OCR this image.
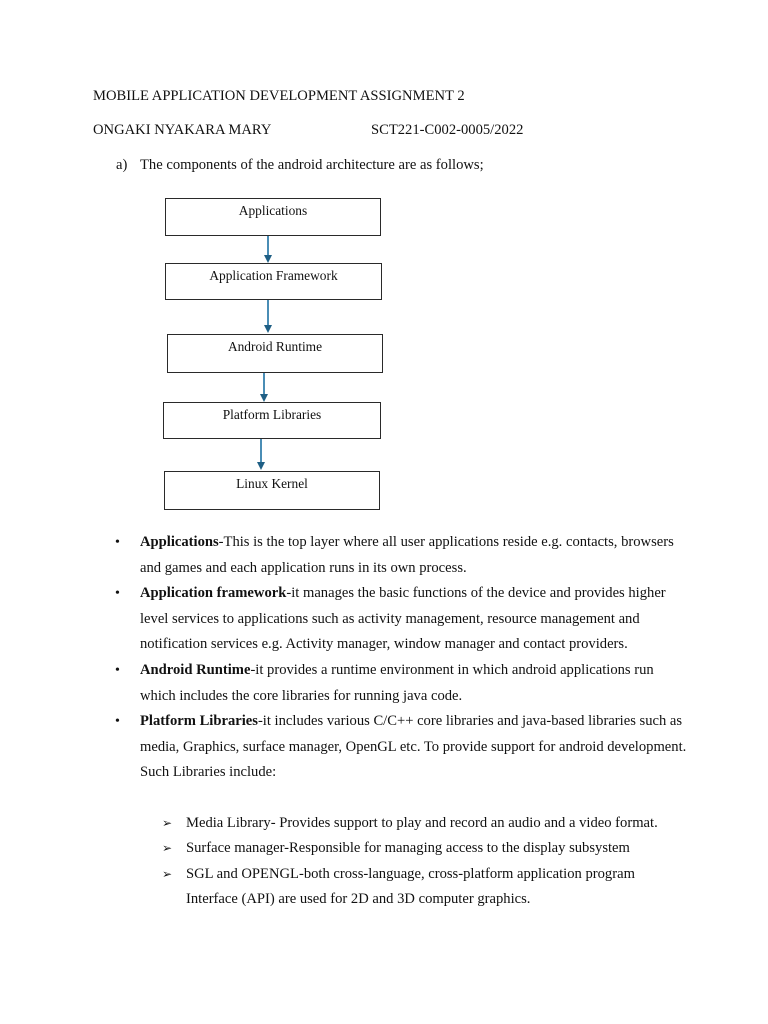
MOBILE APPLICATION DEVELOPMENT ASSIGNMENT 2
ONGAKI NYAKARA MARY	SCT221-C002-0005/2022
a) The components of the android architecture are as follows;
Applications
Application Framework
Android Runtime
Platform Libraries
Linux Kernel
• Applications-This is the top layer where all user applications reside e.g. contacts, browsers and games and each application runs in its own process.
• Application framework-it manages the basic functions of the device and provides higher level services to applications such as activity management, resource management and notification services e.g. Activity manager, window manager and contact providers.
• Android Runtime-it provides a runtime environment in which android applications run which includes the core libraries for running java code.
• Platform Libraries-it includes various C/C++ core libraries and java-based libraries such as media, Graphics, surface manager, OpenGL etc. To provide support for android development. Such Libraries include:
➢ Media Library- Provides support to play and record an audio and a video format.
➢ Surface manager-Responsible for managing access to the display subsystem
➢ SGL and OPENGL-both cross-language, cross-platform application program Interface (API) are used for 2D and 3D computer graphics.
